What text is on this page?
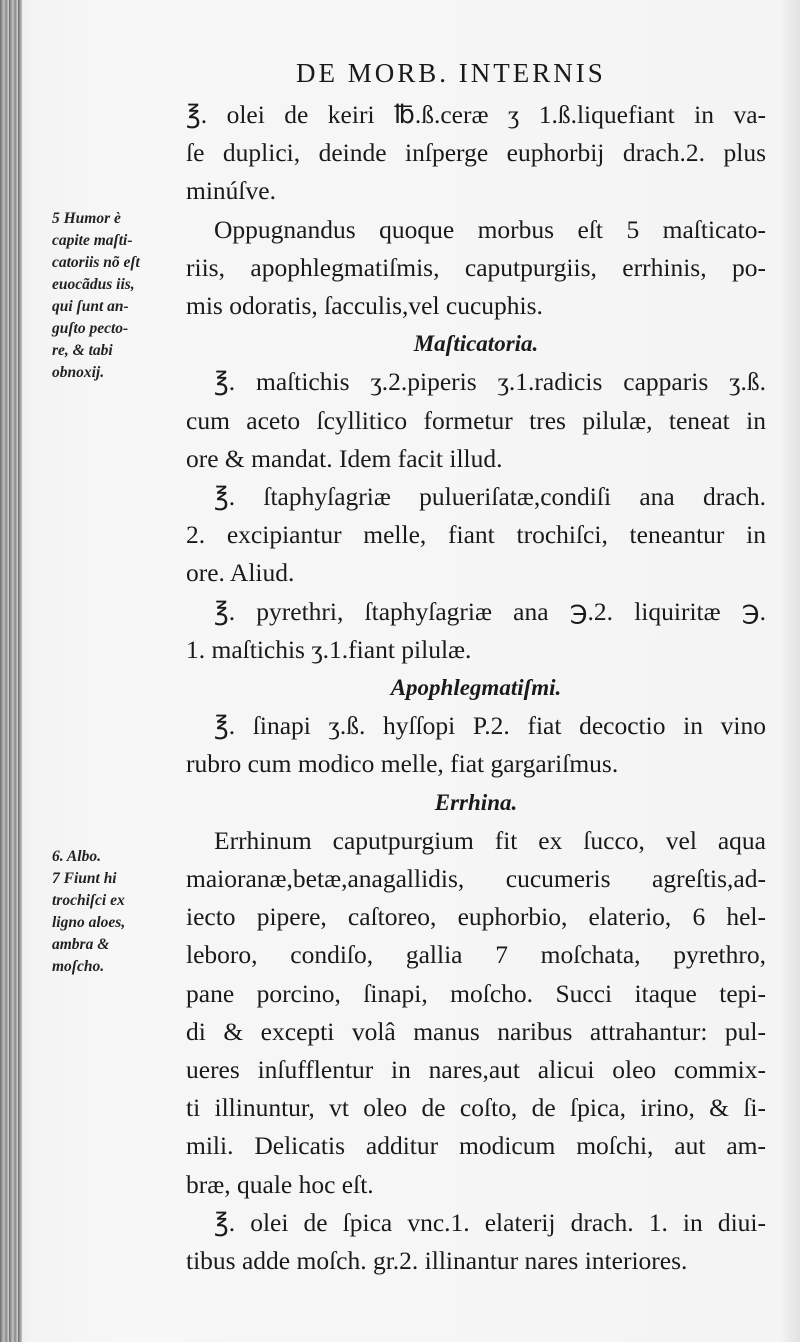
DE MORB. INTERNIS
5 Humor è
capite maſti-
catoriis nõ eſt
euocãdus iis,
qui ſunt an-
guſto pecto-
re, & tabi
obnoxij.
6. Albo.
7 Fiunt hi
trochiſci ex
ligno aloes,
ambra &
moſcho.

℥. olei de keiri ℔.ß.ceræ ʒ 1.ß.liquefiant in va-
ſe duplici, deinde inſperge euphorbij drach.2. plus
minúſve.

Oppugnandus quoque morbus eſt 5 maſticato-
riis, apophlegmatiſmis, caputpurgiis, errhinis, po-
mis odoratis, ſacculis,vel cucuphis.

Maſticatoria.

℥. maſtichis ʒ.2.piperis ʒ.1.radicis capparis ʒ.ß.
cum aceto ſcyllitico formetur tres pilulæ, teneat in
ore & mandat. Idem facit illud.

℥. ſtaphyſagriæ pulueriſatæ,condiſi ana drach.
2. excipiantur melle, fiant trochiſci, teneantur in
ore. Aliud.

℥. pyrethri, ſtaphyſagriæ ana ℈.2. liquiritæ ℈.
1. maſtichis ʒ.1.fiant pilulæ.

Apophlegmatiſmi.

℥. ſinapi ʒ.ß. hyſſopi P.2. fiat decoctio in vino
rubro cum modico melle, fiat gargariſmus.

Errhina.

Errhinum caputpurgium fit ex ſucco, vel aqua
maioranæ,betæ,anagallidis, cucumeris agreſtis,ad-
iecto pipere, caſtoreo, euphorbio, elaterio, 6 hel-
leboro, condiſo, gallia 7 moſchata, pyrethro,
pane porcino, ſinapi, moſcho. Succi itaque tepi-
di & excepti volâ manus naribus attrahantur: pul-
ueres inſufflentur in nares,aut alicui oleo commix-
ti illinuntur, vt oleo de coſto, de ſpica, irino, & ſi-
mili. Delicatis additur modicum moſchi, aut am-
bræ, quale hoc eſt.

℥. olei de ſpica vnc.1. elaterij drach. 1. in diui-
tibus adde moſch. gr.2. illinantur nares interiores.
